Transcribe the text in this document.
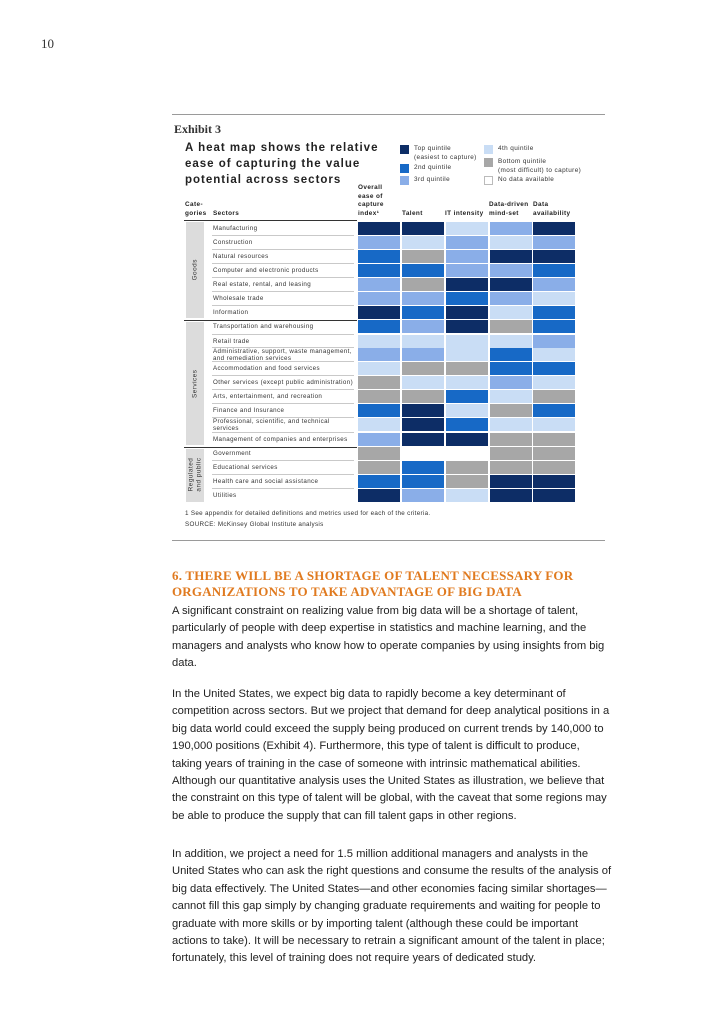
10
Exhibit 3
A heat map shows the relative ease of capturing the value potential across sectors
Top quintile
(easiest to capture)
2nd quintile
3rd quintile
4th quintile
Bottom quintile
(most difficult) to capture)
No data available
Cate-
gories Sectors
Overall
ease of
capture
index¹	Talent	IT intensity
Data-driven
mind-set
Data
availability
Goods
Services
Regulated
and public
Manufacturing
Construction
Natural resources
Computer and electronic products
Real estate, rental, and leasing
Wholesale trade
Information
Transportation and warehousing
Retail trade
Administrative, support, waste management, and remediation services
Accommodation and food services
Other services (except public administration)
Arts, entertainment, and recreation
Finance and Insurance
Professional, scientific, and technical services
Management of companies and enterprises
Government
Educational services
Health care and social assistance
Utilities
1 See appendix for detailed definitions and metrics used for each of the criteria.
SOURCE: McKinsey Global Institute analysis
6. THERE WILL BE A SHORTAGE OF TALENT NECESSARY FOR ORGANIZATIONS TO TAKE ADVANTAGE OF BIG DATA
A significant constraint on realizing value from big data will be a shortage of talent, particularly of people with deep expertise in statistics and machine learning, and the managers and analysts who know how to operate companies by using insights from big data.
In the United States, we expect big data to rapidly become a key determinant of competition across sectors. But we project that demand for deep analytical positions in a big data world could exceed the supply being produced on current trends by 140,000 to 190,000 positions (Exhibit 4). Furthermore, this type of talent is difficult to produce, taking years of training in the case of someone with intrinsic mathematical abilities. Although our quantitative analysis uses the United States as illustration, we believe that the constraint on this type of talent will be global, with the caveat that some regions may be able to produce the supply that can fill talent gaps in other regions.
In addition, we project a need for 1.5 million additional managers and analysts in the United States who can ask the right questions and consume the results of the analysis of big data effectively. The United States—and other economies facing similar shortages—cannot fill this gap simply by changing graduate requirements and waiting for people to graduate with more skills or by importing talent (although these could be important actions to take). It will be necessary to retrain a significant amount of the talent in place; fortunately, this level of training does not require years of dedicated study.
